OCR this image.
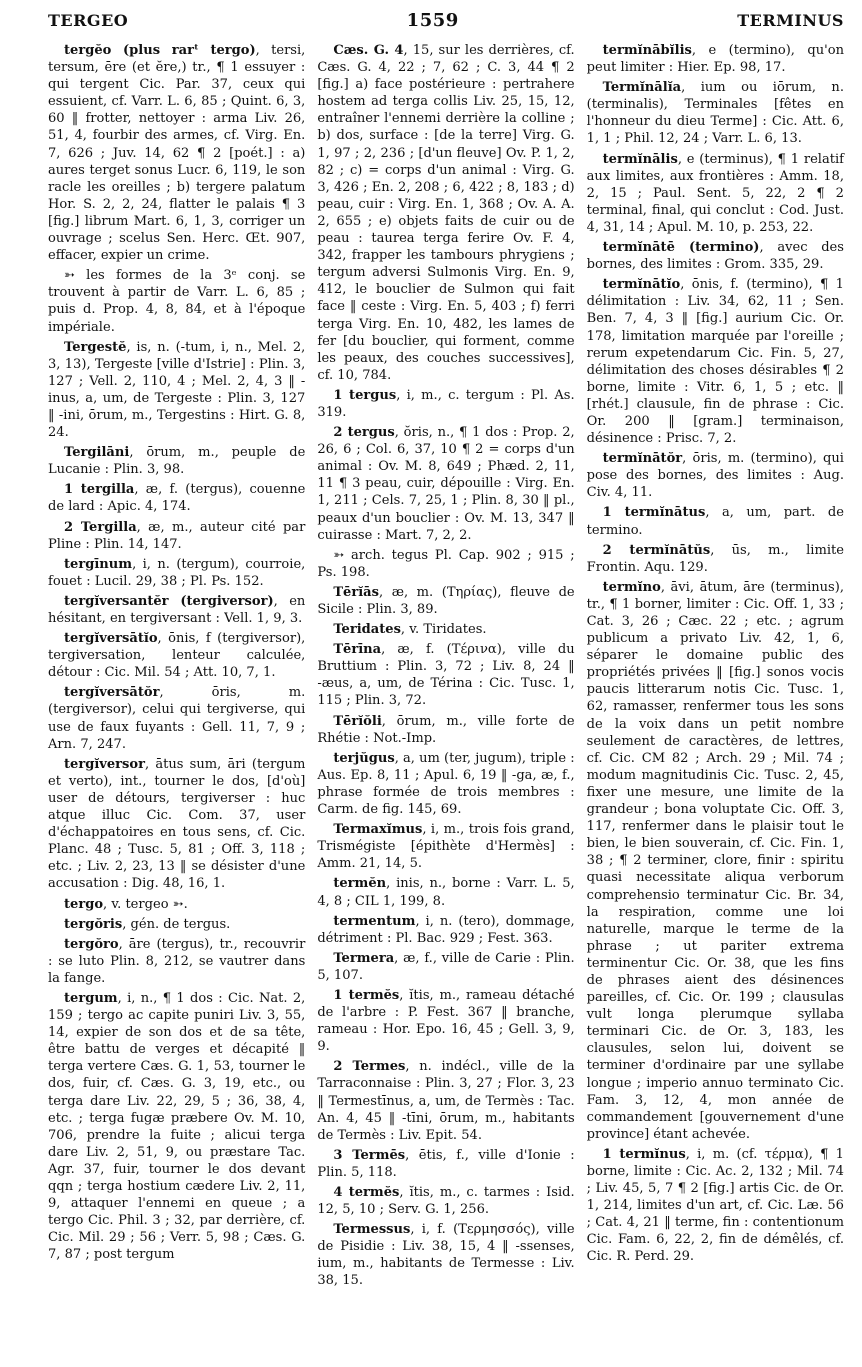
TERGEO	1559	TERMINUS

tergĕo (plus rarᵗ tergo), tersi, tersum, ēre (et ĕre,) tr., ¶ 1 essuyer : qui tergent Cic. Par. 37, ceux qui essuient, cf. Varr. L. 6, 85 ; Quint. 6, 3, 60 ‖ frotter, nettoyer : arma Liv. 26, 51, 4, fourbir des armes, cf. Virg. En. 7, 626 ; Juv. 14, 62 ¶ 2 [poét.] : a) aures terget sonus Lucr. 6, 119, le son racle les oreilles ; b) tergere palatum Hor. S. 2, 2, 24, flatter le palais ¶ 3 [fig.] librum Mart. 6, 1, 3, corriger un ouvrage ; scelus Sen. Herc. Œt. 907, effacer, expier un crime.

➳ les formes de la 3ᵉ conj. se trouvent à partir de Varr. L. 6, 85 ; puis d. Prop. 4, 8, 84, et à l'époque impériale.

Tergestĕ, is, n. (-tum, i, n., Mel. 2, 3, 13), Tergeste [ville d'Istrie] : Plin. 3, 127 ; Vell. 2, 110, 4 ; Mel. 2, 4, 3 ‖ -inus, a, um, de Tergeste : Plin. 3, 127 ‖ -ini, ōrum, m., Tergestins : Hirt. G. 8, 24.

Tergilāni, ōrum, m., peuple de Lucanie : Plin. 3, 98.

1 tergilla, æ, f. (tergus), couenne de lard : Apic. 4, 174.

2 Tergilla, æ, m., auteur cité par Pline : Plin. 14, 147.

tergīnum, i, n. (tergum), courroie, fouet : Lucil. 29, 38 ; Pl. Ps. 152.

tergĭversantĕr (tergiversor), en hésitant, en tergiversant : Vell. 1, 9, 3.

tergĭversātĭo, ōnis, f (tergiversor), tergiversation, lenteur calculée, détour : Cic. Mil. 54 ; Att. 10, 7, 1.

tergĭversātŏr, ōris, m. (tergiversor), celui qui tergiverse, qui use de faux fuyants : Gell. 11, 7, 9 ; Arn. 7, 247.

tergĭversor, ātus sum, āri (tergum et verto), int., tourner le dos, [d'où] user de détours, tergiverser : huc atque illuc Cic. Com. 37, user d'échappatoires en tous sens, cf. Cic. Planc. 48 ; Tusc. 5, 81 ; Off. 3, 118 ; etc. ; Liv. 2, 23, 13 ‖ se désister d'une accusation : Dig. 48, 16, 1.

tergo, v. tergeo ➳.

tergŏris, gén. de tergus.

tergŏro, āre (tergus), tr., recouvrir : se luto Plin. 8, 212, se vautrer dans la fange.

tergum, i, n., ¶ 1 dos : Cic. Nat. 2, 159 ; tergo ac capite puniri Liv. 3, 55, 14, expier de son dos et de sa tête, être battu de verges et décapité ‖ terga vertere Cæs. G. 1, 53, tourner le dos, fuir, cf. Cæs. G. 3, 19, etc., ou terga dare Liv. 22, 29, 5 ; 36, 38, 4, etc. ; terga fugæ præbere Ov. M. 10, 706, prendre la fuite ; alicui terga dare Liv. 2, 51, 9, ou præstare Tac. Agr. 37, fuir, tourner le dos devant qqn ; terga hostium cædere Liv. 2, 11, 9, attaquer l'ennemi en queue ; a tergo Cic. Phil. 3 ; 32, par derrière, cf. Cic. Mil. 29 ; 56 ; Verr. 5, 98 ; Cæs. G. 7, 87 ; post tergum

Cæs. G. 4, 15, sur les derrières, cf. Cæs. G. 4, 22 ; 7, 62 ; C. 3, 44 ¶ 2 [fig.] a) face postérieure : pertrahere hostem ad terga collis Liv. 25, 15, 12, entraîner l'ennemi derrière la colline ; b) dos, surface : [de la terre] Virg. G. 1, 97 ; 2, 236 ; [d'un fleuve] Ov. P. 1, 2, 82 ; c) = corps d'un animal : Virg. G. 3, 426 ; En. 2, 208 ; 6, 422 ; 8, 183 ; d) peau, cuir : Virg. En. 1, 368 ; Ov. A. A. 2, 655 ; e) objets faits de cuir ou de peau : taurea terga ferire Ov. F. 4, 342, frapper les tambours phrygiens ; tergum adversi Sulmonis Virg. En. 9, 412, le bouclier de Sulmon qui fait face ‖ ceste : Virg. En. 5, 403 ; f) ferri terga Virg. En. 10, 482, les lames de fer [du bouclier, qui forment, comme les peaux, des couches successives], cf. 10, 784.

1 tergus, i, m., c. tergum : Pl. As. 319.

2 tergus, ŏris, n., ¶ 1 dos : Prop. 2, 26, 6 ; Col. 6, 37, 10 ¶ 2 = corps d'un animal : Ov. M. 8, 649 ; Phæd. 2, 11, 11 ¶ 3 peau, cuir, dépouille : Virg. En. 1, 211 ; Cels. 7, 25, 1 ; Plin. 8, 30 ‖ pl., peaux d'un bouclier : Ov. M. 13, 347 ‖ cuirasse : Mart. 7, 2, 2.

➳ arch. tegus Pl. Cap. 902 ; 915 ; Ps. 198.

Tērĭās, æ, m. (Τηρίας), fleuve de Sicile : Plin. 3, 89.

Teridates, v. Tiridates.

Tērīna, æ, f. (Τέρινα), ville du Bruttium : Plin. 3, 72 ; Liv. 8, 24 ‖ -æus, a, um, de Térina : Cic. Tusc. 1, 115 ; Plin. 3, 72.

Tērĭŏli, ōrum, m., ville forte de Rhétie : Not.-Imp.

terjŭgus, a, um (ter, jugum), triple : Aus. Ep. 8, 11 ; Apul. 6, 19 ‖ -ga, æ, f., phrase formée de trois membres : Carm. de fig. 145, 69.

Termaxĭmus, i, m., trois fois grand, Trismégiste [épithète d'Hermès] : Amm. 21, 14, 5.

termĕn, inis, n., borne : Varr. L. 5, 4, 8 ; CIL 1, 199, 8.

termentum, i, n. (tero), dommage, détriment : Pl. Bac. 929 ; Fest. 363.

Termera, æ, f., ville de Carie : Plin. 5, 107.

1 termĕs, ĭtis, m., rameau détaché de l'arbre : P. Fest. 367 ‖ branche, rameau : Hor. Epo. 16, 45 ; Gell. 3, 9, 9.

2 Termes, n. indécl., ville de la Tarraconnaise : Plin. 3, 27 ; Flor. 3, 23 ‖ Termestīnus, a, um, de Termès : Tac. An. 4, 45 ‖ -tīni, ōrum, m., habitants de Termès : Liv. Epit. 54.

3 Termēs, ētis, f., ville d'Ionie : Plin. 5, 118.

4 termĕs, ĭtis, m., c. tarmes : Isid. 12, 5, 10 ; Serv. G. 1, 256.

Termessus, i, f. (Τερμησσός), ville de Pisidie : Liv. 38, 15, 4 ‖ -ssenses, ium, m., habitants de Termesse : Liv. 38, 15.

termĭnābĭlis, e (termino), qu'on peut limiter : Hier. Ep. 98, 17.

Termĭnālĭa, ium ou iōrum, n. (terminalis), Terminales [fêtes en l'honneur du dieu Terme] : Cic. Att. 6, 1, 1 ; Phil. 12, 24 ; Varr. L. 6, 13.

termĭnālis, e (terminus), ¶ 1 relatif aux limites, aux frontières : Amm. 18, 2, 15 ; Paul. Sent. 5, 22, 2 ¶ 2 terminal, final, qui conclut : Cod. Just. 4, 31, 14 ; Apul. M. 10, p. 253, 22.

termĭnātē (termino), avec des bornes, des limites : Grom. 335, 29.

termĭnātĭo, ōnis, f. (termino), ¶ 1 délimitation : Liv. 34, 62, 11 ; Sen. Ben. 7, 4, 3 ‖ [fig.] aurium Cic. Or. 178, limitation marquée par l'oreille ; rerum expetendarum Cic. Fin. 5, 27, délimitation des choses désirables ¶ 2 borne, limite : Vitr. 6, 1, 5 ; etc. ‖ [rhét.] clausule, fin de phrase : Cic. Or. 200 ‖ [gram.] terminaison, désinence : Prisc. 7, 2.

termĭnātŏr, ōris, m. (termino), qui pose des bornes, des limites : Aug. Civ. 4, 11.

1 termĭnātus, a, um, part. de termino.

2 termĭnātŭs, ūs, m., limite Frontin. Aqu. 129.

termĭno, āvi, ātum, āre (terminus), tr., ¶ 1 borner, limiter : Cic. Off. 1, 33 ; Cat. 3, 26 ; Cæc. 22 ; etc. ; agrum publicum a privato Liv. 42, 1, 6, séparer le domaine public des propriétés privées ‖ [fig.] sonos vocis paucis litterarum notis Cic. Tusc. 1, 62, ramasser, renfermer tous les sons de la voix dans un petit nombre seulement de caractères, de lettres, cf. Cic. CM 82 ; Arch. 29 ; Mil. 74 ; modum magnitudinis Cic. Tusc. 2, 45, fixer une mesure, une limite de la grandeur ; bona voluptate Cic. Off. 3, 117, renfermer dans le plaisir tout le bien, le bien souverain, cf. Cic. Fin. 1, 38 ; ¶ 2 terminer, clore, finir : spiritu quasi necessitate aliqua verborum comprehensio terminatur Cic. Br. 34, la respiration, comme une loi naturelle, marque le terme de la phrase ; ut pariter extrema terminentur Cic. Or. 38, que les fins de phrases aient des désinences pareilles, cf. Cic. Or. 199 ; clausulas vult longa plerumque syllaba terminari Cic. de Or. 3, 183, les clausules, selon lui, doivent se terminer d'ordinaire par une syllabe longue ; imperio annuo terminato Cic. Fam. 3, 12, 4, mon année de commandement [gouvernement d'une province] étant achevée.

1 termĭnus, i, m. (cf. τέρμα), ¶ 1 borne, limite : Cic. Ac. 2, 132 ; Mil. 74 ; Liv. 45, 5, 7 ¶ 2 [fig.] artis Cic. de Or. 1, 214, limites d'un art, cf. Cic. Læ. 56 ; Cat. 4, 21 ‖ terme, fin : contentionum Cic. Fam. 6, 22, 2, fin de démêlés, cf. Cic. R. Perd. 29.
